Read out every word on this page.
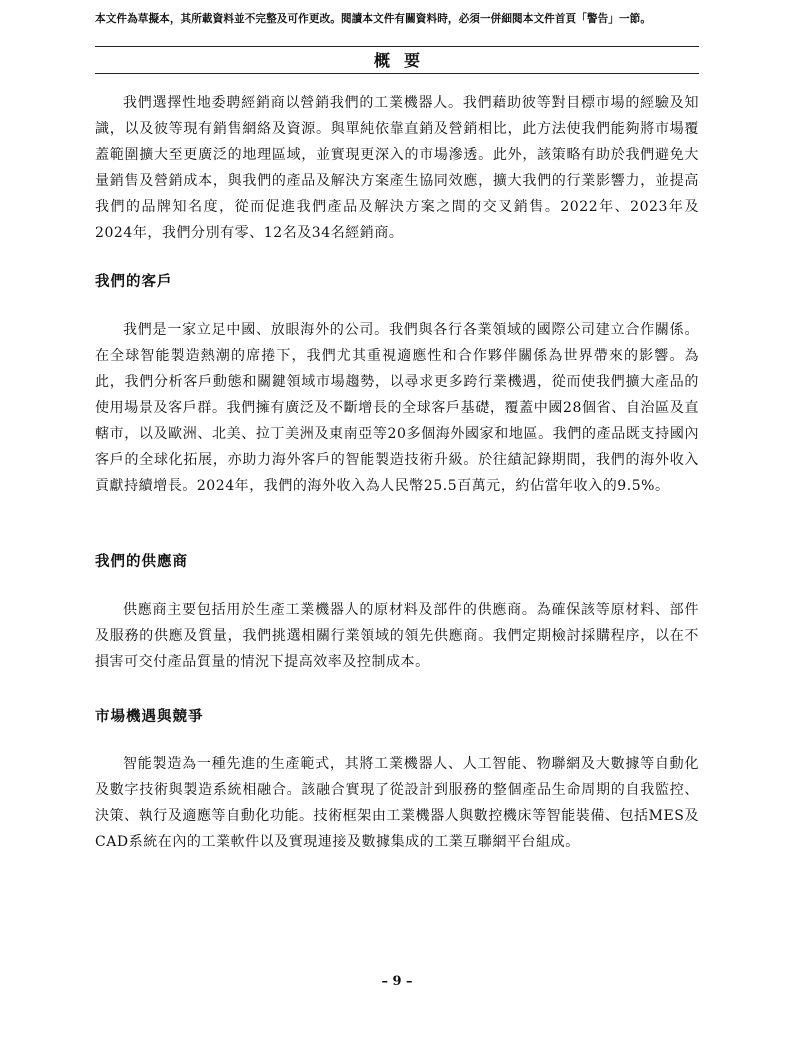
本文件為草擬本，其所載資料並不完整及可作更改。閱讀本文件有關資料時，必須一併細閱本文件首頁「警告」一節。
概要

我們選擇性地委聘經銷商以營銷我們的工業機器人。我們藉助彼等對目標市場的經驗及知識，以及彼等現有銷售網絡及資源。與單純依靠直銷及營銷相比，此方法使我們能夠將市場覆蓋範圍擴大至更廣泛的地理區域，並實現更深入的市場滲透。此外，該策略有助於我們避免大量銷售及營銷成本，與我們的產品及解決方案產生協同效應，擴大我們的行業影響力，並提高我們的品牌知名度，從而促進我們產品及解決方案之間的交叉銷售。2022年、2023年及2024年，我們分別有零、12名及34名經銷商。

我們的客戶

我們是一家立足中國、放眼海外的公司。我們與各行各業領域的國際公司建立合作關係。在全球智能製造熱潮的席捲下，我們尤其重視適應性和合作夥伴關係為世界帶來的影響。為此，我們分析客戶動態和關鍵領域市場趨勢，以尋求更多跨行業機遇，從而使我們擴大產品的使用場景及客戶群。我們擁有廣泛及不斷增長的全球客戶基礎，覆蓋中國28個省、自治區及直轄市，以及歐洲、北美、拉丁美洲及東南亞等20多個海外國家和地區。我們的產品既支持國內客戶的全球化拓展，亦助力海外客戶的智能製造技術升級。於往績記錄期間，我們的海外收入貢獻持續增長。2024年，我們的海外收入為人民幣25.5百萬元，約佔當年收入的9.5%。

我們的供應商

供應商主要包括用於生產工業機器人的原材料及部件的供應商。為確保該等原材料、部件及服務的供應及質量，我們挑選相關行業領域的領先供應商。我們定期檢討採購程序，以在不損害可交付產品質量的情況下提高效率及控制成本。

市場機遇與競爭

智能製造為一種先進的生產範式，其將工業機器人、人工智能、物聯網及大數據等自動化及數字技術與製造系統相融合。該融合實現了從設計到服務的整個產品生命周期的自我監控、決策、執行及適應等自動化功能。技術框架由工業機器人與數控機床等智能裝備、包括MES及CAD系統在內的工業軟件以及實現連接及數據集成的工業互聯網平台組成。

– 9 –
